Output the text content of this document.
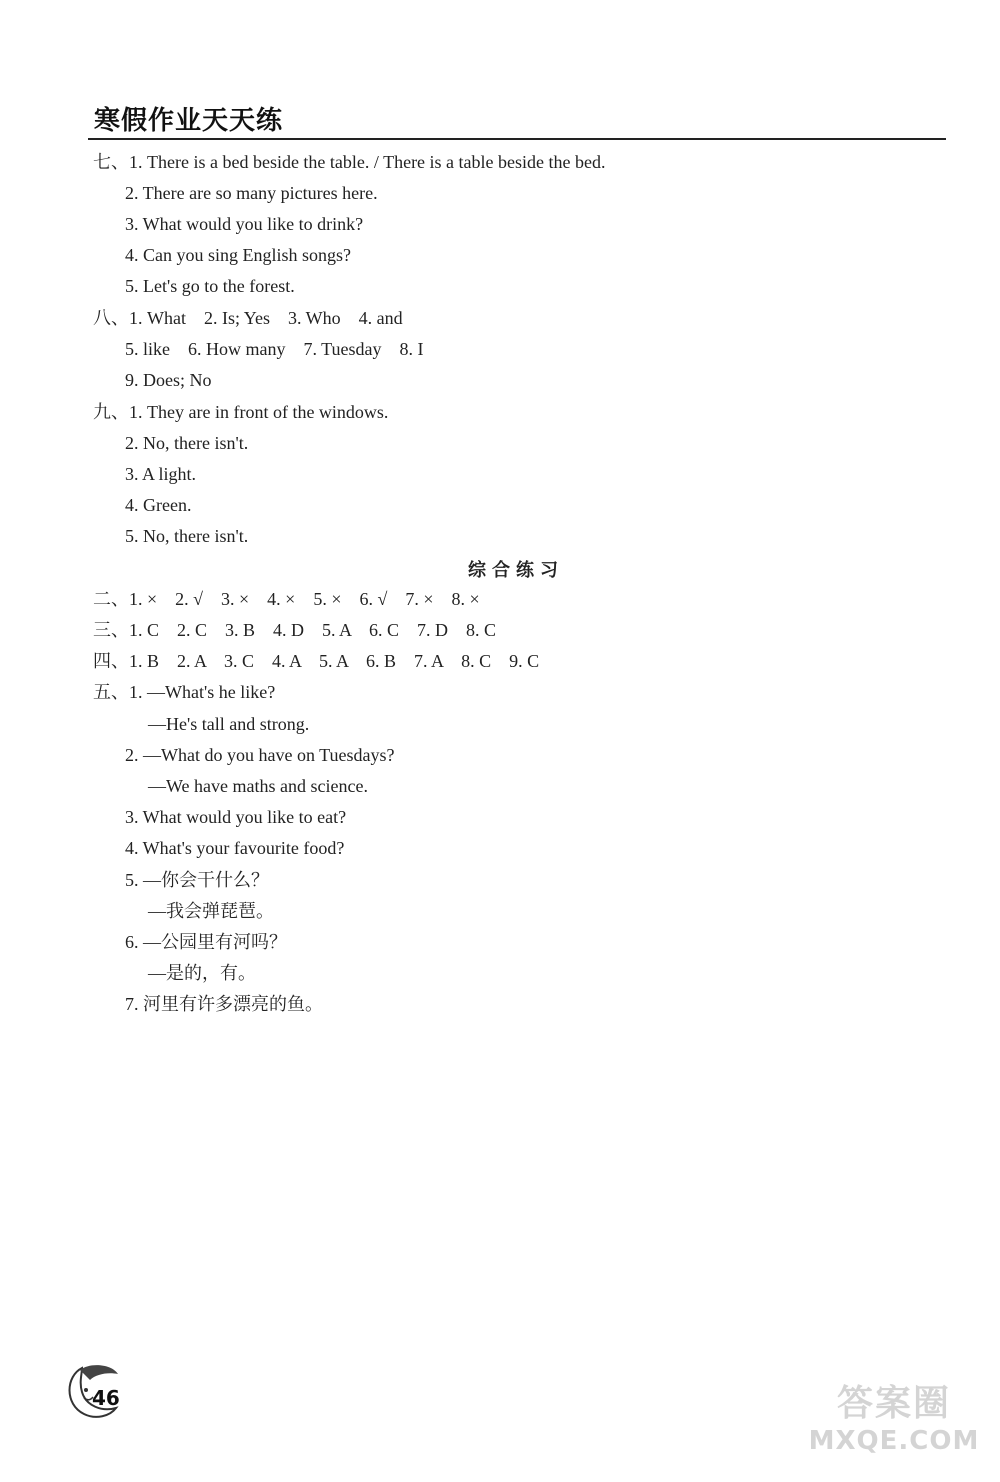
寒假作业天天练
七、1. There is a bed beside the table. / There is a table beside the bed.
2. There are so many pictures here.
3. What would you like to drink?
4. Can you sing English songs?
5. Let's go to the forest.
八、1. What    2. Is; Yes    3. Who    4. and
5. like    6. How many    7. Tuesday    8. I
9. Does; No
九、1. They are in front of the windows.
2. No, there isn't.
3. A light.
4. Green.
5. No, there isn't.
综合练习
二、1. ×    2. √    3. ×    4. ×    5. ×    6. √    7. ×    8. ×
三、1. C    2. C    3. B    4. D    5. A    6. C    7. D    8. C
四、1. B    2. A    3. C    4. A    5. A    6. B    7. A    8. C    9. C
五、1. —What's he like?
—He's tall and strong.
2. —What do you have on Tuesdays?
—We have maths and science.
3. What would you like to eat?
4. What's your favourite food?
5. —你会干什么？
—我会弹琵琶。
6. —公园里有河吗？
—是的，有。
7. 河里有许多漂亮的鱼。
46	答案圈
MXQE.COM
